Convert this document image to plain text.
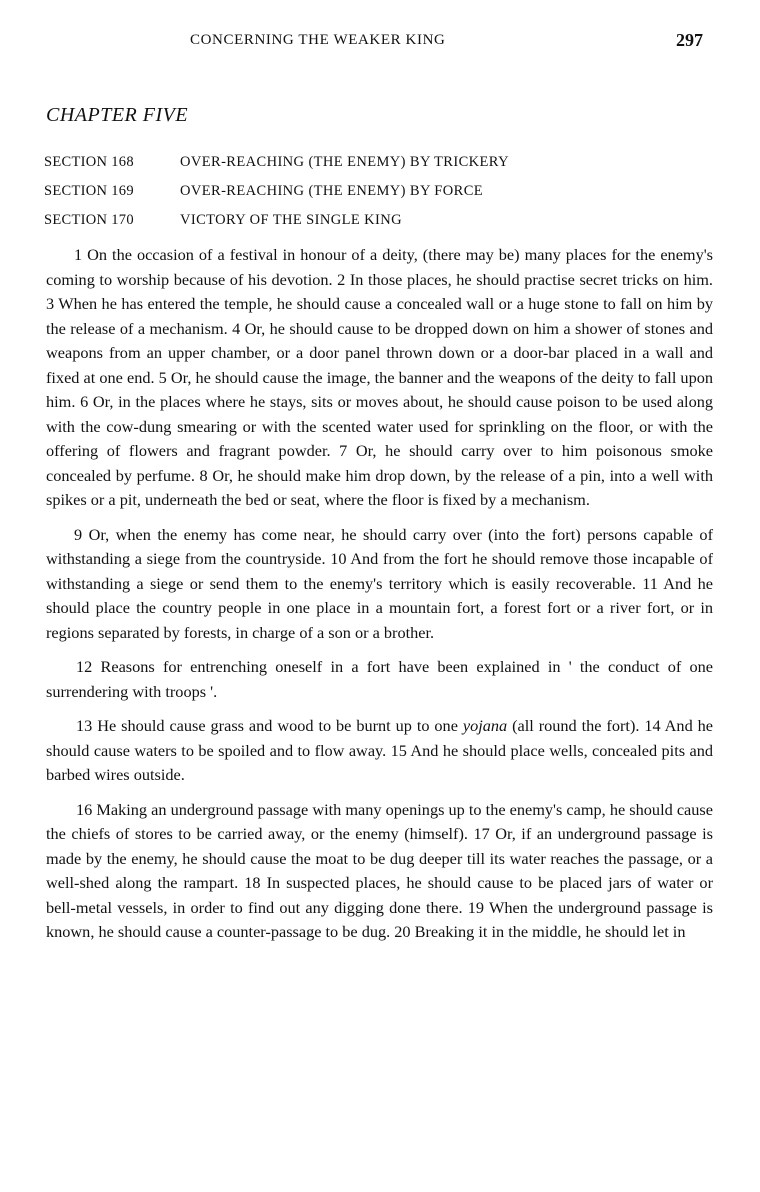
CONCERNING THE WEAKER KING	297
CHAPTER FIVE
SECTION 168	OVER-REACHING (THE ENEMY) BY TRICKERY
SECTION 169	OVER-REACHING (THE ENEMY) BY FORCE
SECTION 170	VICTORY OF THE SINGLE KING

1 On the occasion of a festival in honour of a deity, (there may be) many places for the enemy's coming to worship because of his devotion. 2 In those places, he should practise secret tricks on him. 3 When he has entered the temple, he should cause a concealed wall or a huge stone to fall on him by the release of a mechanism. 4 Or, he should cause to be dropped down on him a shower of stones and weapons from an upper chamber, or a door panel thrown down or a door-bar placed in a wall and fixed at one end. 5 Or, he should cause the image, the banner and the weapons of the deity to fall upon him. 6 Or, in the places where he stays, sits or moves about, he should cause poison to be used along with the cow-dung smearing or with the scented water used for sprinkling on the floor, or with the offering of flowers and fragrant powder. 7 Or, he should carry over to him poisonous smoke concealed by perfume. 8 Or, he should make him drop down, by the release of a pin, into a well with spikes or a pit, underneath the bed or seat, where the floor is fixed by a mechanism.

9 Or, when the enemy has come near, he should carry over (into the fort) persons capable of withstanding a siege from the countryside. 10 And from the fort he should remove those incapable of withstanding a siege or send them to the enemy's territory which is easily recoverable. 11 And he should place the country people in one place in a mountain fort, a forest fort or a river fort, or in regions separated by forests, in charge of a son or a brother.

12 Reasons for entrenching oneself in a fort have been explained in ' the conduct of one surrendering with troops '.

13 He should cause grass and wood to be burnt up to one yojana (all round the fort). 14 And he should cause waters to be spoiled and to flow away. 15 And he should place wells, concealed pits and barbed wires outside.

16 Making an underground passage with many openings up to the enemy's camp, he should cause the chiefs of stores to be carried away, or the enemy (himself). 17 Or, if an underground passage is made by the enemy, he should cause the moat to be dug deeper till its water reaches the passage, or a well-shed along the rampart. 18 In suspected places, he should cause to be placed jars of water or bell-metal vessels, in order to find out any digging done there. 19 When the underground passage is known, he should cause a counter-passage to be dug. 20 Breaking it in the middle, he should let in
